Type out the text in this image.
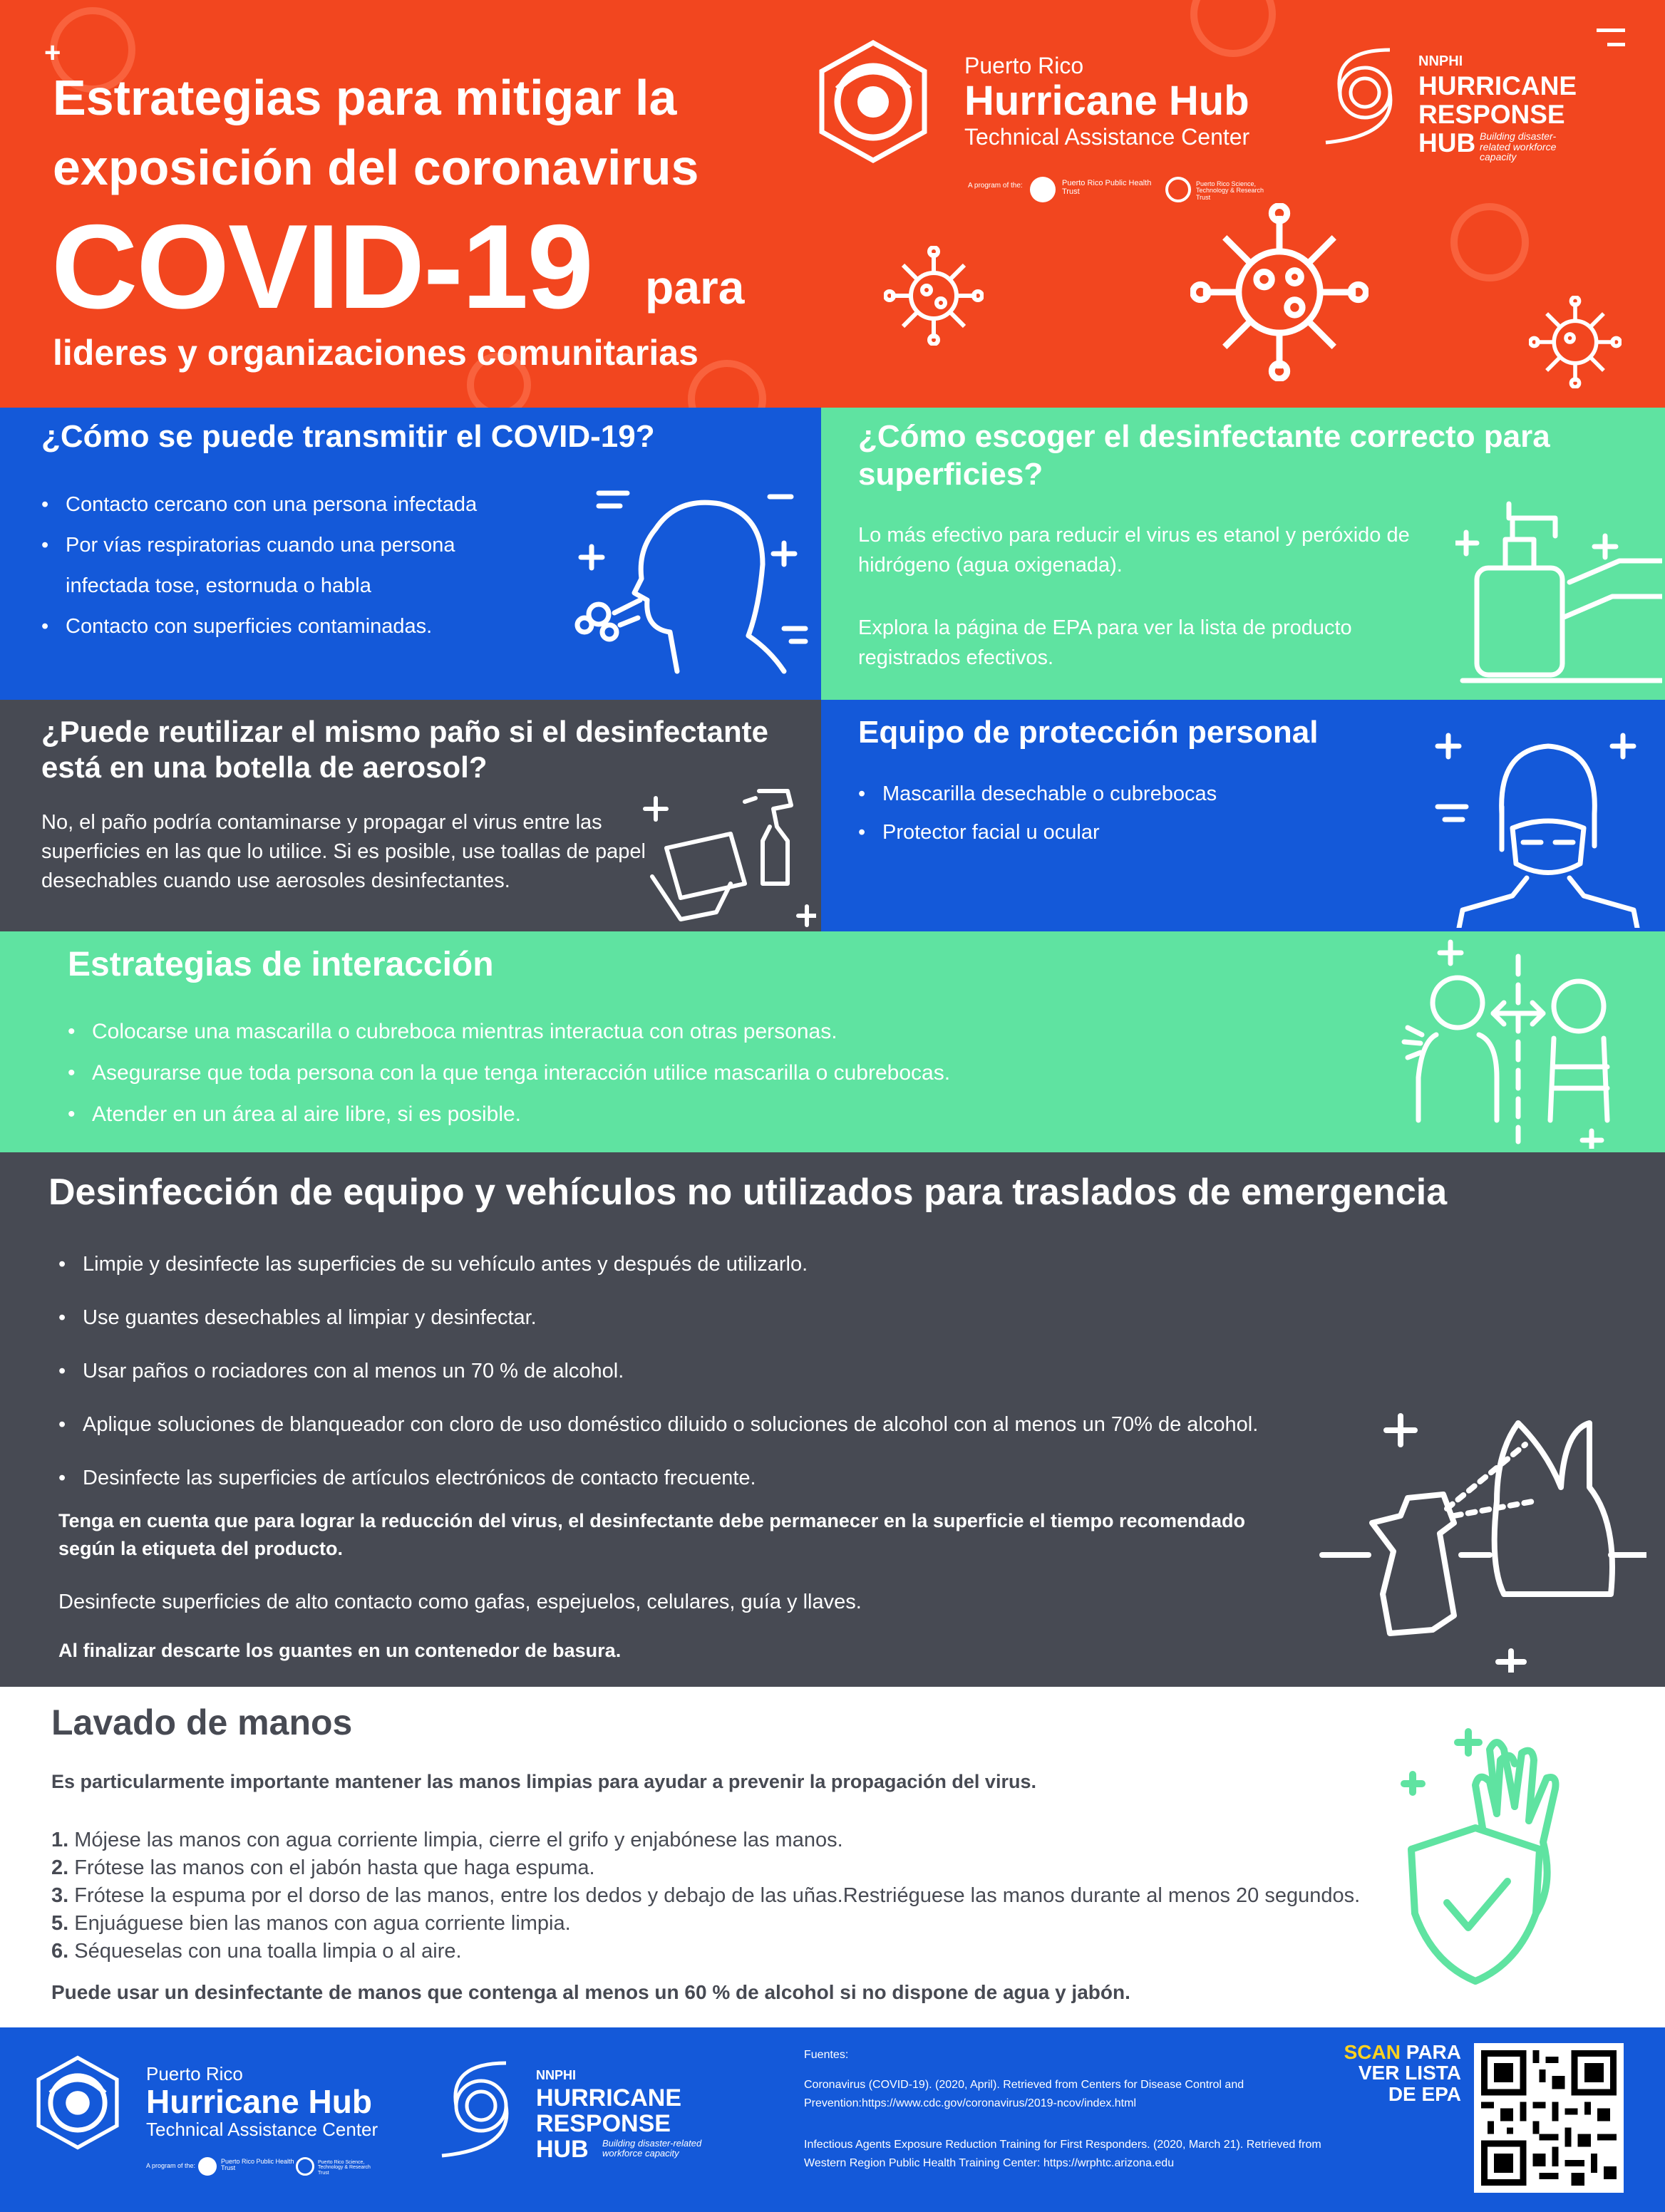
Estrategias para mitigar la
exposición del coronavirus
COVID-19 para
lideres y organizaciones comunitarias
+	Puerto Rico
Hurricane Hub
Technical Assistance Center
A program of the:	Puerto Rico Public Health Trust
Puerto Rico Science, Technology & Research Trust
NNPHI
HURRICANE
RESPONSE
HUB Building disaster-related workforce capacity
¿Cómo se puede transmitir el COVID-19?
• Contacto cercano con una persona infectada
• Por vías respiratorias cuando una persona infectada tose, estornuda o habla
• Contacto con superficies contaminadas.
¿Cómo escoger el desinfectante correcto para superficies?
Lo más efectivo para reducir el virus es etanol y peróxido de hidrógeno (agua oxigenada).
Explora la página de EPA para ver la lista de producto registrados efectivos.
¿Puede reutilizar el mismo paño si el desinfectante está en una botella de aerosol?
No, el paño podría contaminarse y propagar el virus entre las superficies en las que lo utilice. Si es posible, use toallas de papel desechables cuando use aerosoles desinfectantes.
Equipo de protección personal
• Mascarilla desechable o cubrebocas
• Protector facial u ocular
Estrategias de interacción
• Colocarse una mascarilla o cubreboca mientras interactua con otras personas.
• Asegurarse que toda persona con la que tenga interacción utilice mascarilla o cubrebocas.
• Atender en un área al aire libre, si es posible.
Desinfección de equipo y vehículos no utilizados para traslados de emergencia
• Limpie y desinfecte las superficies de su vehículo antes y después de utilizarlo.
• Use guantes desechables al limpiar y desinfectar.
• Usar paños o rociadores con al menos un 70 % de alcohol.
• Aplique soluciones de blanqueador con cloro de uso doméstico diluido o soluciones de alcohol con al menos un 70% de alcohol.
• Desinfecte las superficies de artículos electrónicos de contacto frecuente.
Tenga en cuenta que para lograr la reducción del virus, el desinfectante debe permanecer en la superficie el tiempo recomendado según la etiqueta del producto.
Desinfecte superficies de alto contacto como gafas, espejuelos, celulares, guía y llaves.
Al finalizar descarte los guantes en un contenedor de basura.
Lavado de manos
Es particularmente importante mantener las manos limpias para ayudar a prevenir la propagación del virus.
1. Mójese las manos con agua corriente limpia, cierre el grifo y enjabónese las manos.
2. Frótese las manos con el jabón hasta que haga espuma.
3. Frótese la espuma por el dorso de las manos, entre los dedos y debajo de las uñas.Restriéguese las manos durante al menos 20 segundos.
5. Enjuáguese bien las manos con agua corriente limpia.
6. Séqueselas con una toalla limpia o al aire.
Puede usar un desinfectante de manos que contenga al menos un 60 % de alcohol si no dispone de agua y jabón.
Puerto Rico
Hurricane Hub
Technical Assistance Center
A program of the:
Puerto Rico Public Health Trust
Puerto Rico Science, Technology & Research Trust
NNPHI
HURRICANE
RESPONSE
HUB Building disaster-related workforce capacity
Fuentes:
Coronavirus (COVID-19). (2020, April). Retrieved from Centers for Disease Control and Prevention:https://www.cdc.gov/coronavirus/2019-ncov/index.html
Infectious Agents Exposure Reduction Training for First Responders. (2020, March 21). Retrieved from Western Region Public Health Training Center: https://wrphtc.arizona.edu
SCAN PARA
VER LISTA
DE EPA
